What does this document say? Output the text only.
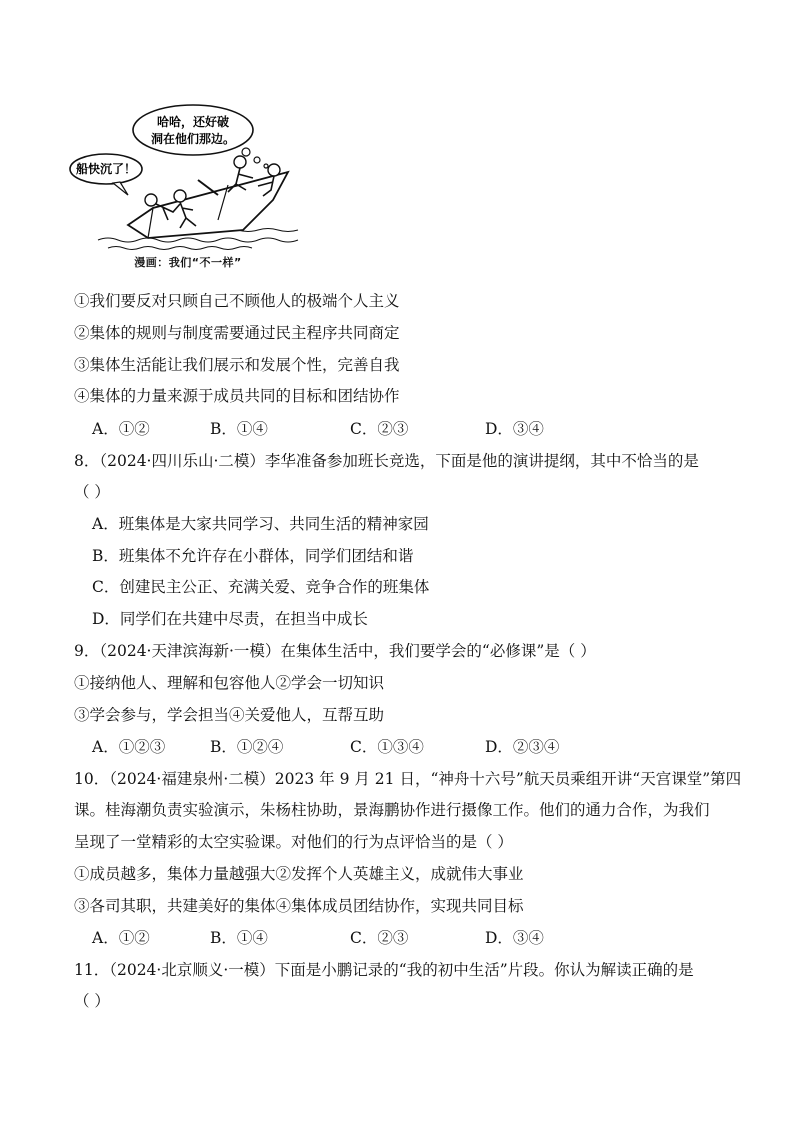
哈哈，还好破
洞在他们那边。
船快沉了！
漫画：我们“不一样”
①我们要反对只顾自己不顾他人的极端个人主义
②集体的规则与制度需要通过民主程序共同商定
③集体生活能让我们展示和发展个性，完善自我
④集体的力量来源于成员共同的目标和团结协作
A．①②	B．①④	C．②③	D．③④
8．（2024·四川乐山·二模）李华准备参加班长竞选，下面是他的演讲提纲，其中不恰当的是
（ ）
A．班集体是大家共同学习、共同生活的精神家园
B．班集体不允许存在小群体，同学们团结和谐
C．创建民主公正、充满关爱、竞争合作的班集体
D．同学们在共建中尽责，在担当中成长
9．（2024·天津滨海新·一模）在集体生活中，我们要学会的“必修课”是（ ）
①接纳他人、理解和包容他人②学会一切知识
③学会参与，学会担当④关爱他人，互帮互助
A．①②③	B．①②④	C．①③④	D．②③④
10．（2024·福建泉州·二模）2023 年 9 月 21 日，“神舟十六号”航天员乘组开讲“天宫课堂”第四
课。桂海潮负责实验演示，朱杨柱协助，景海鹏协作进行摄像工作。他们的通力合作，为我们
呈现了一堂精彩的太空实验课。对他们的行为点评恰当的是（ ）
①成员越多，集体力量越强大②发挥个人英雄主义，成就伟大事业
③各司其职，共建美好的集体④集体成员团结协作，实现共同目标
A．①②	B．①④	C．②③	D．③④
11．（2024·北京顺义·一模）下面是小鹏记录的“我的初中生活”片段。你认为解读正确的是
（ ）
